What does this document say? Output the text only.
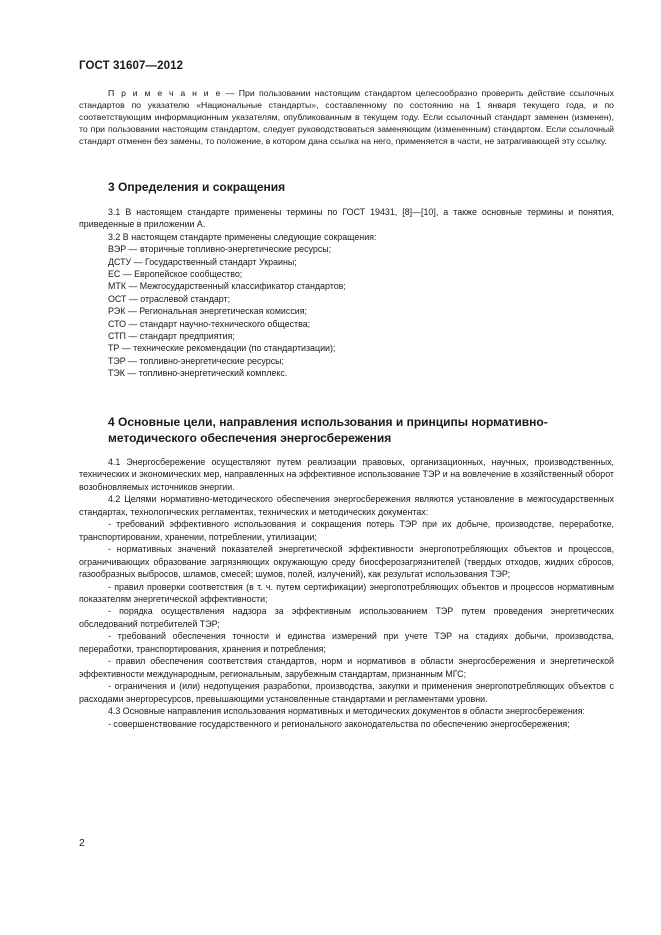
ГОСТ 31607—2012

П р и м е ч а н и е — При пользовании настоящим стандартом целесообразно проверить действие ссылочных стандартов по указателю «Национальные стандарты», составленному по состоянию на 1 января текущего года, и по соответствующим информационным указателям, опубликованным в текущем году. Если ссылочный стандарт заменен (изменен), то при пользовании настоящим стандартом, следует руководствоваться заменяющим (измененным) стандартом. Если ссылочный стандарт отменен без замены, то положение, в котором дана ссылка на него, применяется в части, не затрагивающей эту ссылку.

3 Определения и сокращения

3.1 В настоящем стандарте применены термины по ГОСТ 19431, [8]—[10], а также основные термины и понятия, приведенные в приложении А.

3.2 В настоящем стандарте применены следующие сокращения:

ВЭР — вторичные топливно-энергетические ресурсы;

ДСТУ — Государственный стандарт Украины;

ЕС — Европейское сообщество;

МТК — Межгосударственный классификатор стандартов;

ОСТ — отраслевой стандарт;

РЭК — Региональная энергетическая комиссия;

СТО — стандарт научно-технического общества;

СТП — стандарт предприятия;

ТР — технические рекомендации (по стандартизации);

ТЭР — топливно-энергетические ресурсы;

ТЭК — топливно-энергетический комплекс.

4 Основные цели, направления использования и принципы нормативно-методического обеспечения энергосбережения

4.1 Энергосбережение осуществляют путем реализации правовых, организационных, научных, производственных, технических и экономических мер, направленных на эффективное использование ТЭР и на вовлечение в хозяйственный оборот возобновляемых источников энергии.

4.2 Целями нормативно-методического обеспечения энергосбережения являются установление в межгосударственных стандартах, технологических регламентах, технических и методических документах:

- требований эффективного использования и сокращения потерь ТЭР при их добыче, производстве, переработке, транспортировании, хранении, потреблении, утилизации;

- нормативных значений показателей энергетической эффективности энергопотребляющих объектов и процессов, ограничивающих образование загрязняющих окружающую среду биосферозагрязнителей (твердых отходов, жидких сбросов, газообразных выбросов, шламов, смесей; шумов, полей, излучений), как результат использования ТЭР;

- правил проверки соответствия (в т. ч. путем сертификации) энергопотребляющих объектов и процессов нормативным показателям энергетической эффективности;

- порядка осуществления надзора за эффективным использованием ТЭР путем проведения энергетических обследований потребителей ТЭР;

- требований обеспечения точности и единства измерений при учете ТЭР на стадиях добычи, производства, переработки, транспортирования, хранения и потребления;

- правил обеспечения соответствия стандартов, норм и нормативов в области энергосбережения и энергетической эффективности международным, региональным, зарубежным стандартам, признанным МГС;

- ограничения и (или) недопущения разработки, производства, закупки и применения энергопотребляющих объектов с расходами энергоресурсов, превышающими установленные стандартами и регламентами уровни.

4.3 Основные направления использования нормативных и методических документов в области энергосбережения:

- совершенствование государственного и регионального законодательства по обеспечению энергосбережения;

2
